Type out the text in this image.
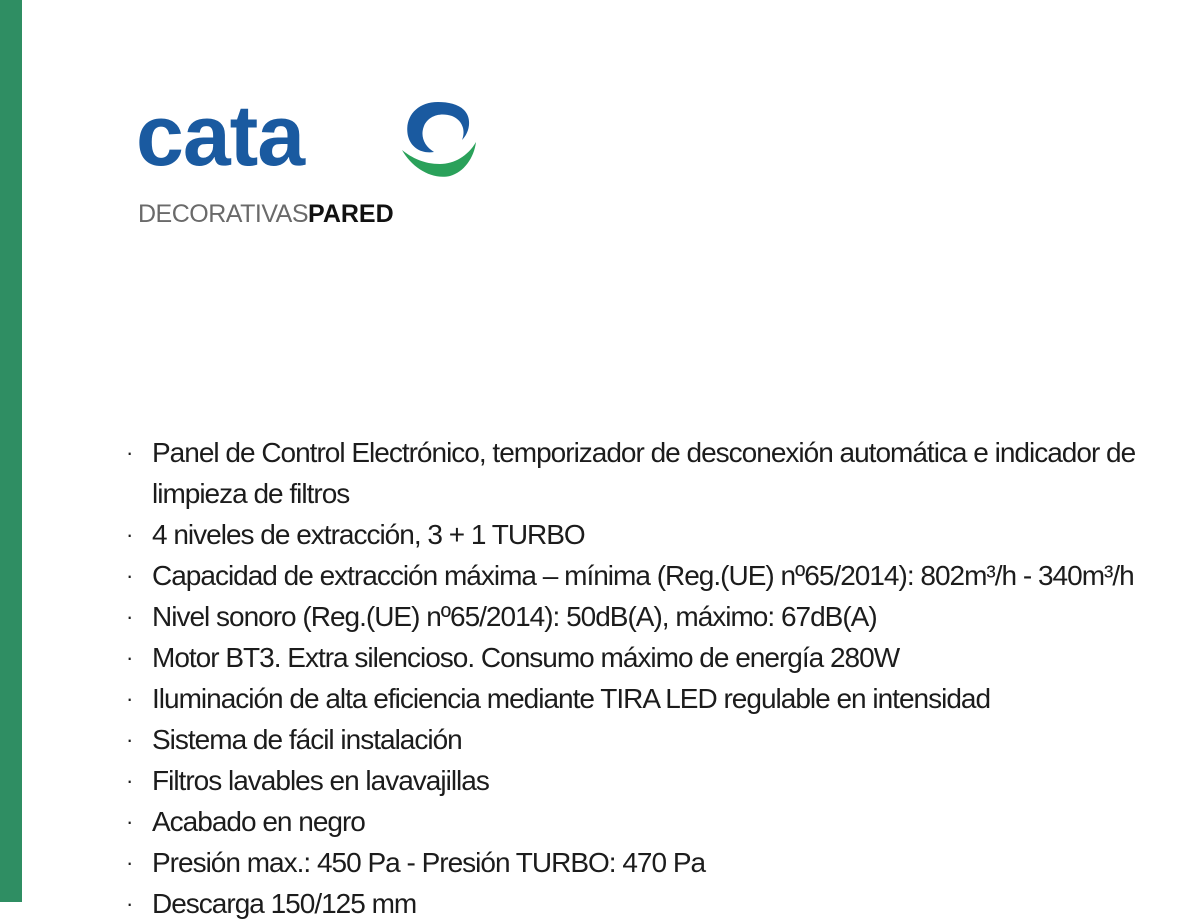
cata
DECORATIVASPARED
· Panel de Control Electrónico, temporizador de desconexión automática e indicador de limpieza de filtros
· 4 niveles de extracción, 3 + 1 TURBO
· Capacidad de extracción máxima – mínima (Reg.(UE) nº65/2014): 802m³/h - 340m³/h
· Nivel sonoro (Reg.(UE) nº65/2014): 50dB(A), máximo: 67dB(A)
· Motor BT3. Extra silencioso. Consumo máximo de energía 280W
· Iluminación de alta eficiencia mediante TIRA LED regulable en intensidad
· Sistema de fácil instalación
· Filtros lavables en lavavajillas
· Acabado en negro
· Presión max.: 450 Pa - Presión TURBO: 470 Pa
· Descarga 150/125 mm
